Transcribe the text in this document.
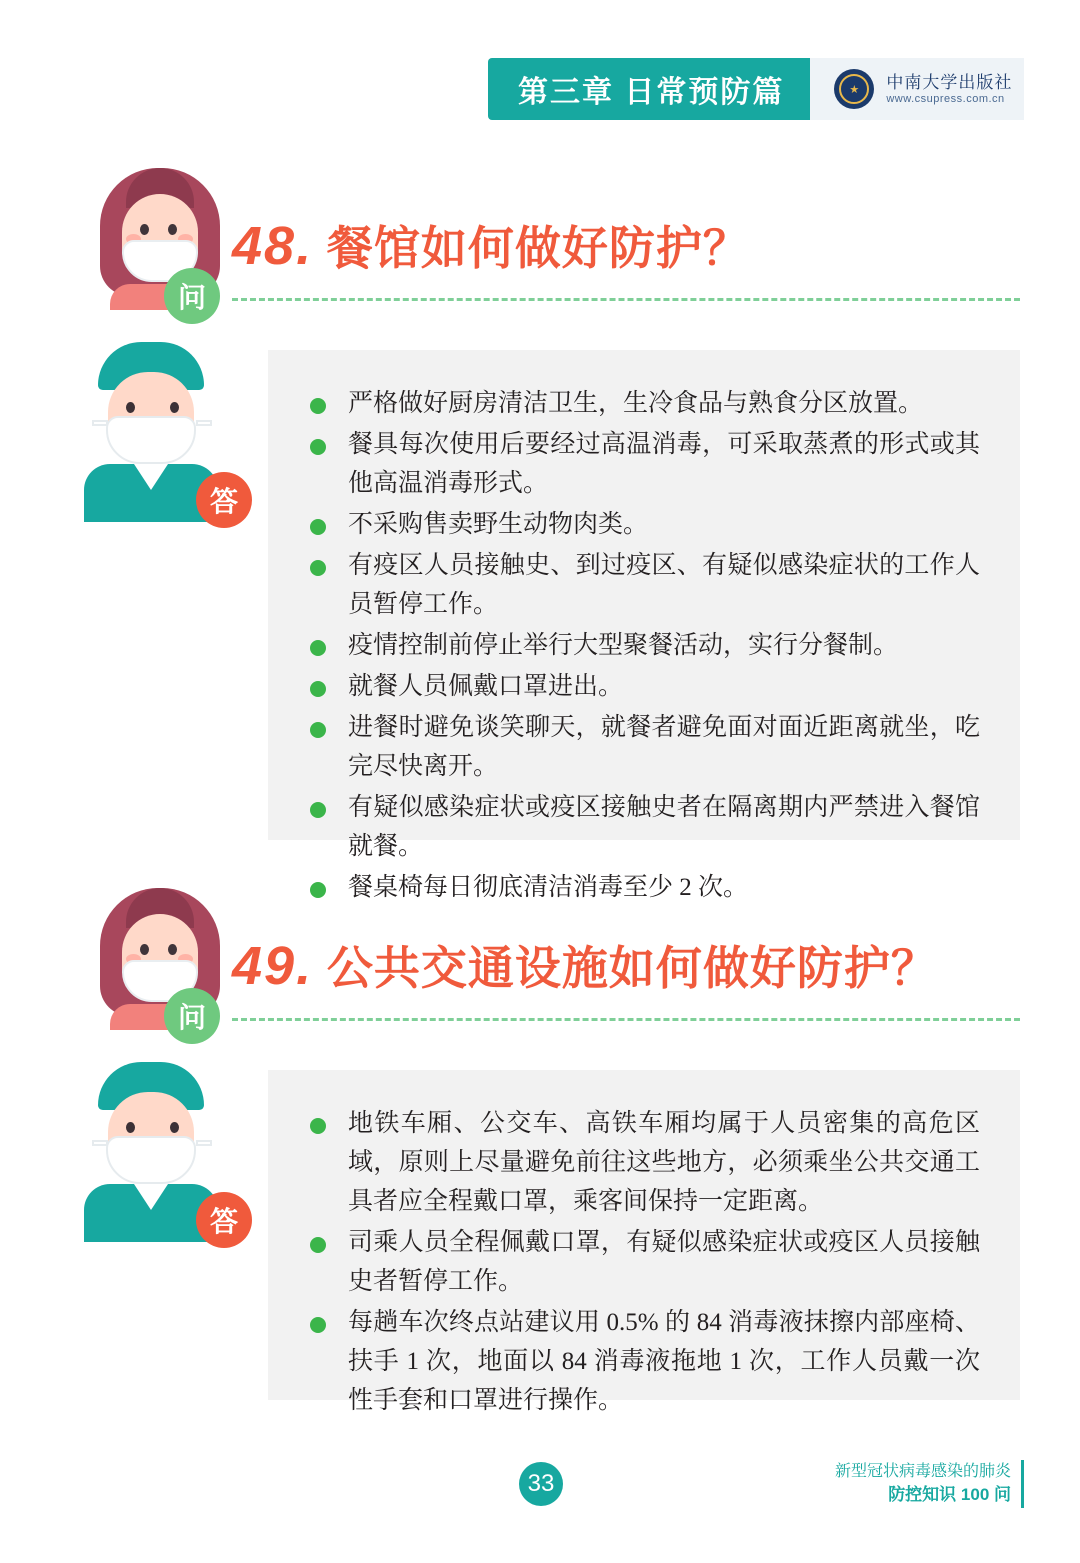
第三章 日常预防篇	★	中南大学出版社
www.csupress.com.cn
问
48. 餐馆如何做好防护？
答
严格做好厨房清洁卫生，生冷食品与熟食分区放置。
餐具每次使用后要经过高温消毒，可采取蒸煮的形式或其他高温消毒形式。
不采购售卖野生动物肉类。
有疫区人员接触史、到过疫区、有疑似感染症状的工作人员暂停工作。
疫情控制前停止举行大型聚餐活动，实行分餐制。
就餐人员佩戴口罩进出。
进餐时避免谈笑聊天，就餐者避免面对面近距离就坐，吃完尽快离开。
有疑似感染症状或疫区接触史者在隔离期内严禁进入餐馆就餐。
餐桌椅每日彻底清洁消毒至少 2 次。
问
49. 公共交通设施如何做好防护？
答
地铁车厢、公交车、高铁车厢均属于人员密集的高危区域，原则上尽量避免前往这些地方，必须乘坐公共交通工具者应全程戴口罩，乘客间保持一定距离。
司乘人员全程佩戴口罩，有疑似感染症状或疫区人员接触史者暂停工作。
每趟车次终点站建议用 0.5% 的 84 消毒液抹擦内部座椅、扶手 1 次，地面以 84 消毒液拖地 1 次，工作人员戴一次性手套和口罩进行操作。
33	新型冠状病毒感染的肺炎
防控知识 100 问
